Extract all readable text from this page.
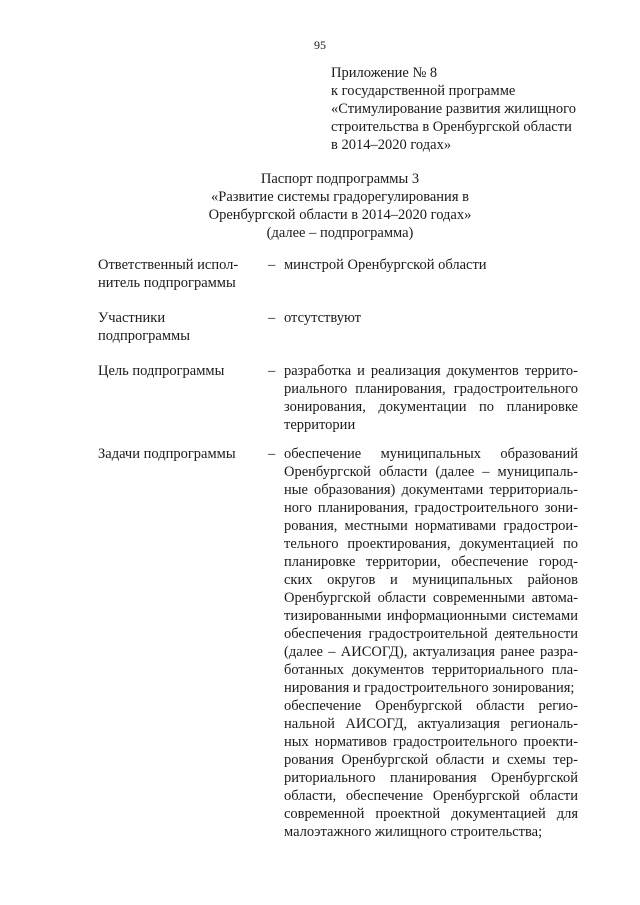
95
Приложение № 8
к государственной программе
«Стимулирование развития жилищного
строительства в Оренбургской области
в 2014–2020 годах»
Паспорт подпрограммы 3
«Развитие системы градорегулирования в
Оренбургской области в 2014–2020 годах»
(далее – подпрограмма)
Ответственный испол-
нитель подпрограммы
– минстрой Оренбургской области
Участники
подпрограммы
– отсутствуют
Цель подпрограммы	– разработка и реализация документов террито-
риального планирования, градостроительного
зонирования, документации по планировке
территории
Задачи подпрограммы	– обеспечение муниципальных образований
Оренбургской области (далее – муниципаль-
ные образования) документами территориаль-
ного планирования, градостроительного зони-
рования, местными нормативами градострои-
тельного проектирования, документацией по
планировке территории, обеспечение город-
ских округов и муниципальных районов
Оренбургской области современными автома-
тизированными информационными системами
обеспечения градостроительной деятельности
(далее – АИСОГД), актуализация ранее разра-
ботанных документов территориального пла-
нирования и градостроительного зонирования;
обеспечение Оренбургской области регио-
нальной АИСОГД, актуализация региональ-
ных нормативов градостроительного проекти-
рования Оренбургской области и схемы тер-
риториального планирования Оренбургской
области, обеспечение Оренбургской области
современной проектной документацией для
малоэтажного жилищного строительства;
